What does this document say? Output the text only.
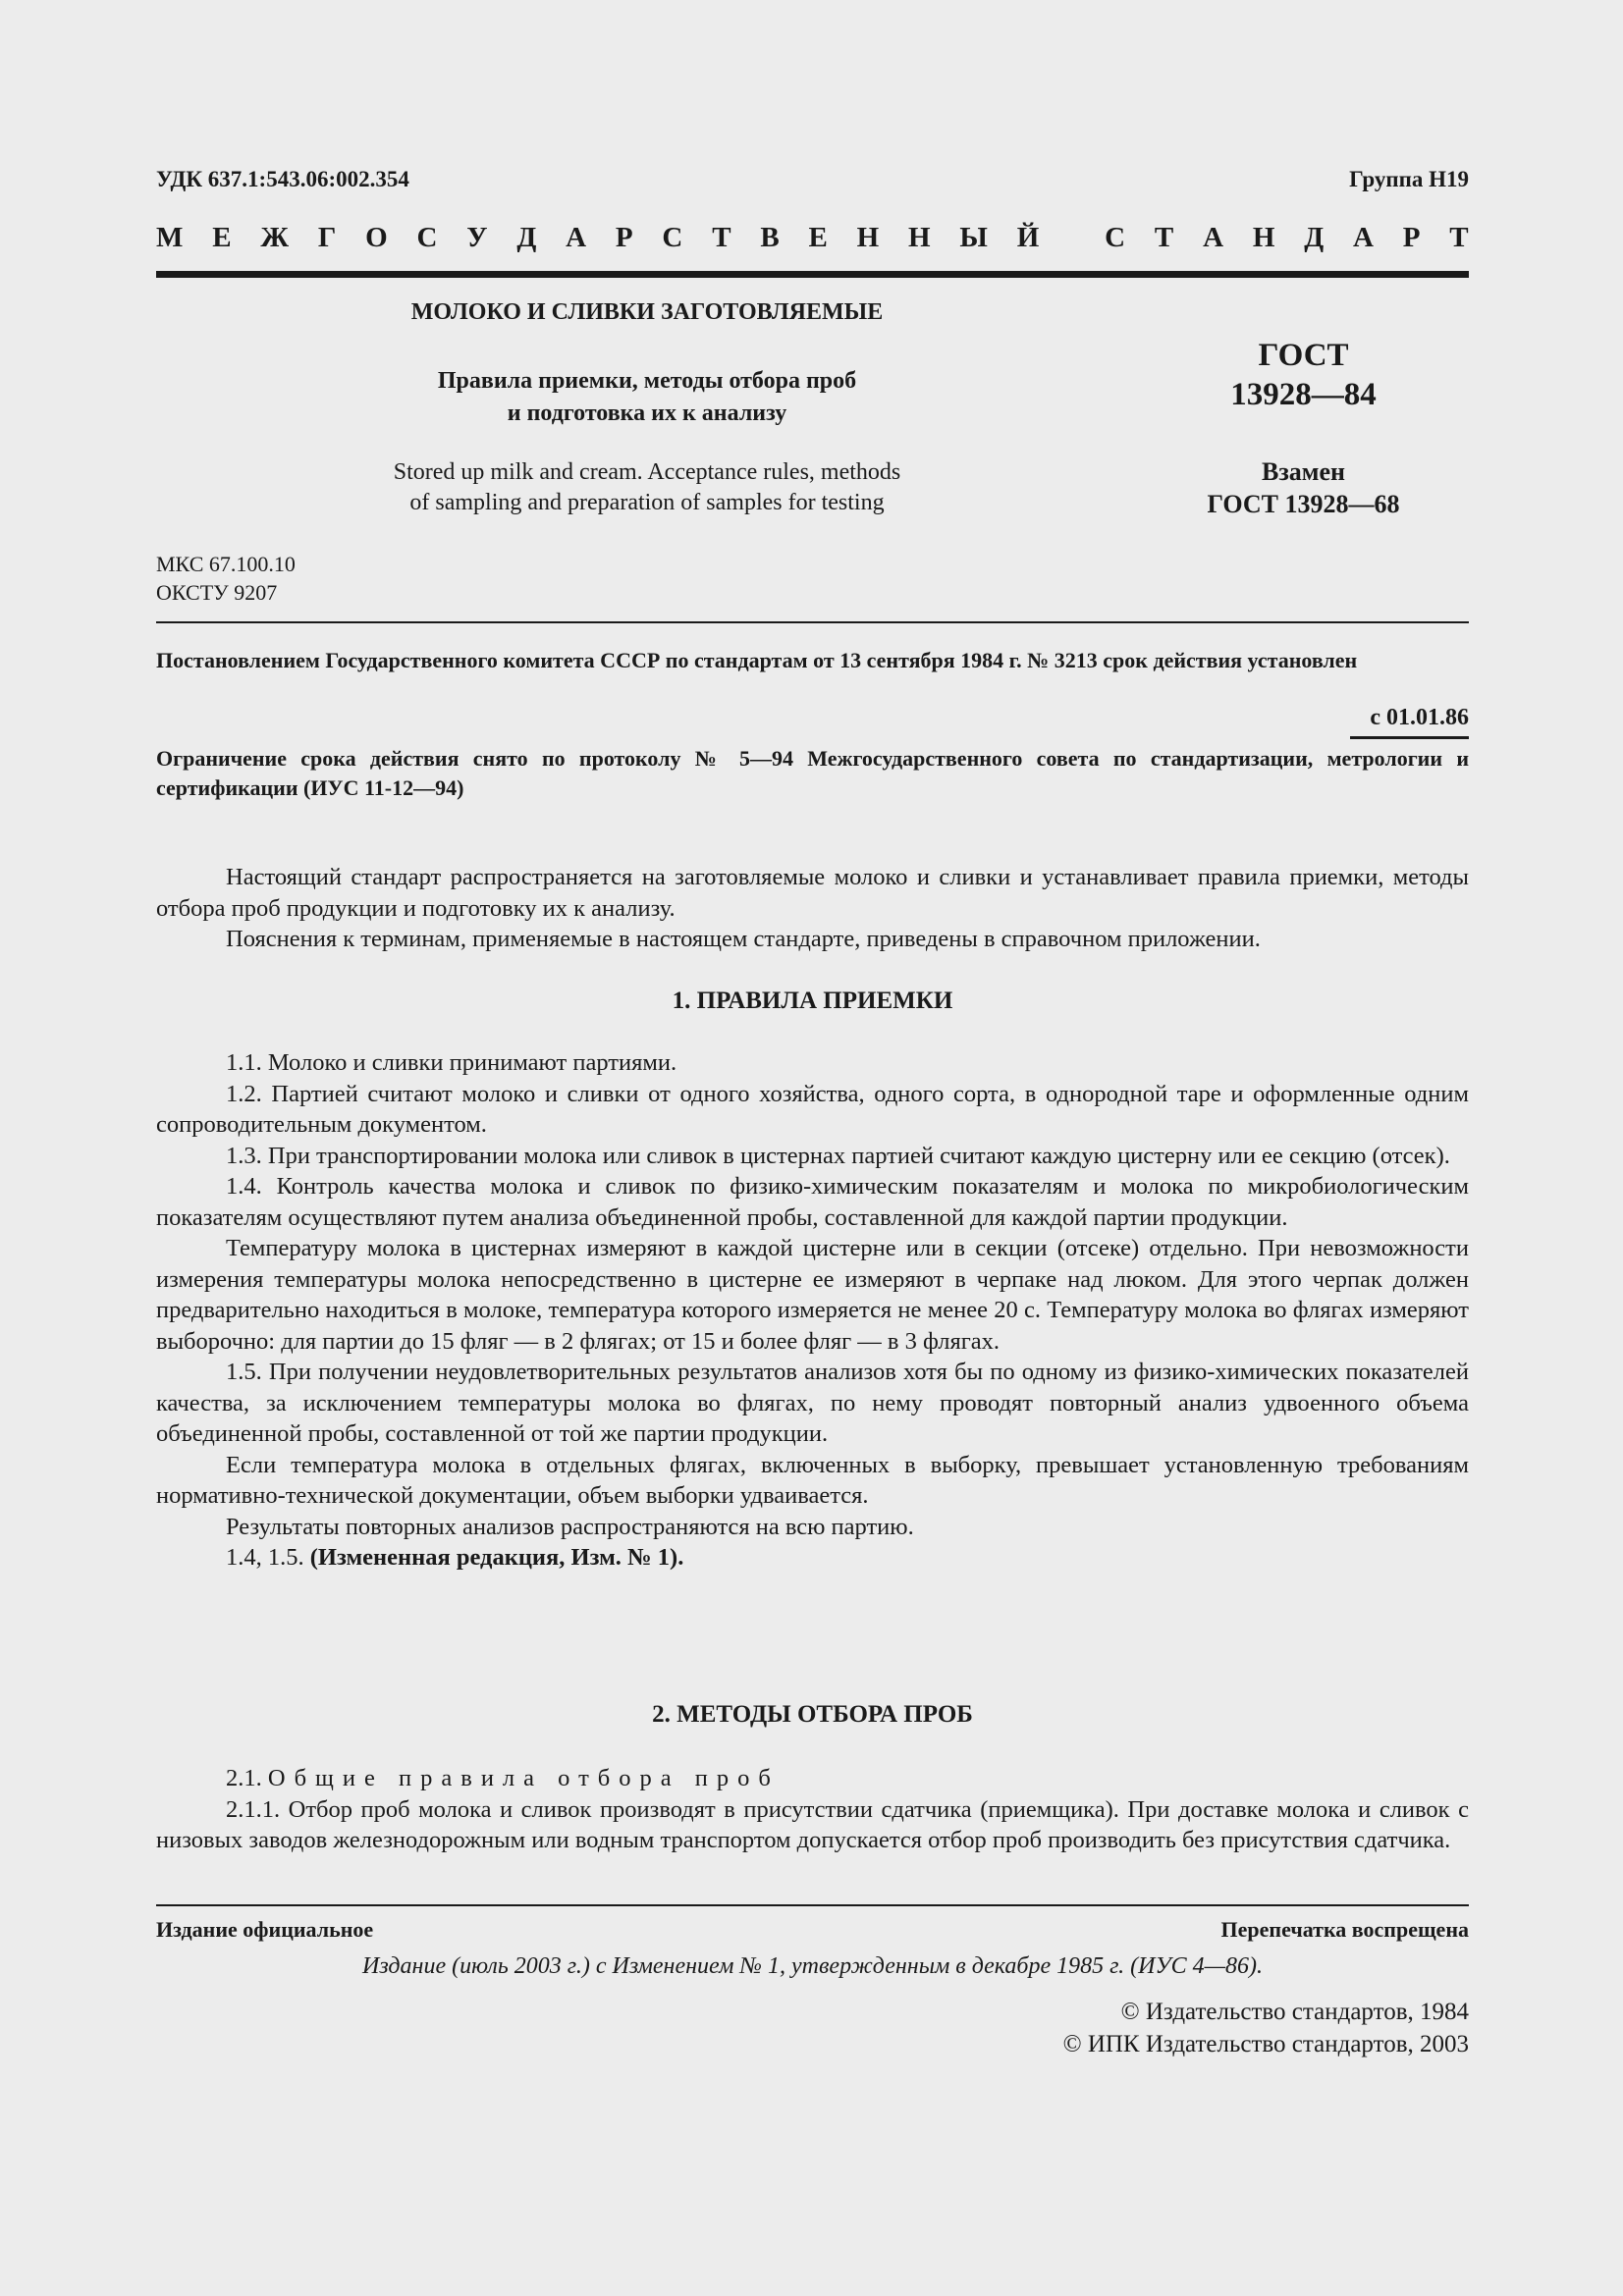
УДК 637.1:543.06:002.354	Группа Н19
М Е Ж Г О С У Д А Р С Т В Е Н Н Ы Й
С Т А Н Д А Р Т
МОЛОКО И СЛИВКИ ЗАГОТОВЛЯЕМЫЕ
Правила приемки, методы отбора проб
и подготовка их к анализу
Stored up milk and cream. Acceptance rules, methods
of sampling and preparation of samples for testing
ГОСТ
13928—84
Взамен
ГОСТ 13928—68
МКС 67.100.10
ОКСТУ 9207
Постановлением Государственного комитета СССР по стандартам от 13 сентября 1984 г. № 3213 срок действия установлен
с 01.01.86
Ограничение срока действия снято по протоколу № 5—94 Межгосударственного совета по стандартизации, метрологии и сертификации (ИУС 11-12—94)

Настоящий стандарт распространяется на заготовляемые молоко и сливки и устанавливает правила приемки, методы отбора проб продукции и подготовку их к анализу.

Пояснения к терминам, применяемые в настоящем стандарте, приведены в справочном приложении.

1. ПРАВИЛА ПРИЕМКИ

1.1. Молоко и сливки принимают партиями.

1.2. Партией считают молоко и сливки от одного хозяйства, одного сорта, в однородной таре и оформленные одним сопроводительным документом.

1.3. При транспортировании молока или сливок в цистернах партией считают каждую цистерну или ее секцию (отсек).

1.4. Контроль качества молока и сливок по физико-химическим показателям и молока по микробиологическим показателям осуществляют путем анализа объединенной пробы, составленной для каждой партии продукции.

Температуру молока в цистернах измеряют в каждой цистерне или в секции (отсеке) отдельно. При невозможности измерения температуры молока непосредственно в цистерне ее измеряют в черпаке над люком. Для этого черпак должен предварительно находиться в молоке, температура которого измеряется не менее 20 с. Температуру молока во флягах измеряют выборочно: для партии до 15 фляг — в 2 флягах; от 15 и более фляг — в 3 флягах.

1.5. При получении неудовлетворительных результатов анализов хотя бы по одному из физико-химических показателей качества, за исключением температуры молока во флягах, по нему проводят повторный анализ удвоенного объема объединенной пробы, составленной от той же партии продукции.

Если температура молока в отдельных флягах, включенных в выборку, превышает установленную требованиям нормативно-технической документации, объем выборки удваивается.

Результаты повторных анализов распространяются на всю партию.

1.4, 1.5. (Измененная редакция, Изм. № 1).

2. МЕТОДЫ ОТБОРА ПРОБ

2.1. Общие правила отбора проб

2.1.1. Отбор проб молока и сливок производят в присутствии сдатчика (приемщика). При доставке молока и сливок с низовых заводов железнодорожным или водным транспортом допускается отбор проб производить без присутствия сдатчика.

Издание официальное	Перепечатка воспрещена
Издание (июль 2003 г.) с Изменением № 1, утвержденным в декабре 1985 г. (ИУС 4—86).
© Издательство стандартов, 1984
© ИПК Издательство стандартов, 2003
